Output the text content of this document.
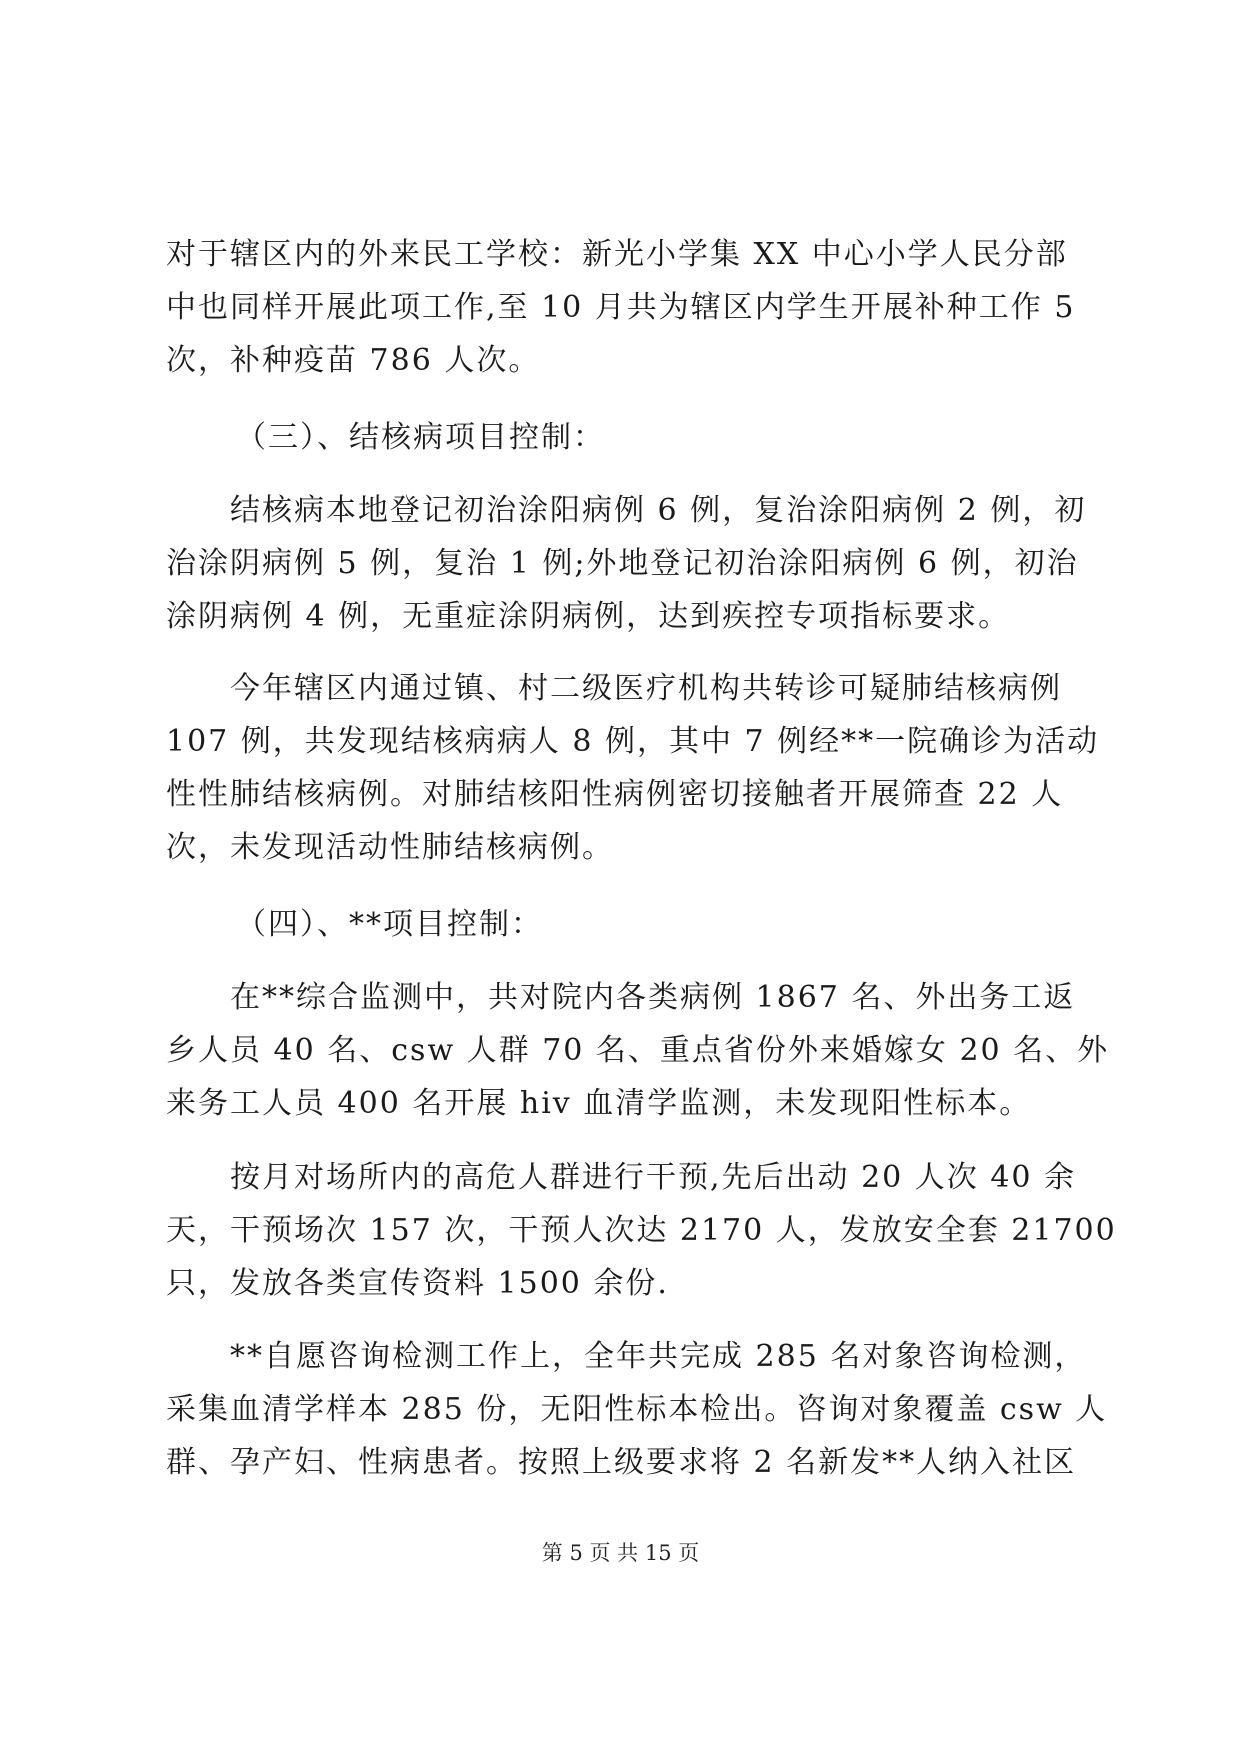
对于辖区内的外来民工学校：新光小学集 XX 中心小学人民分部
中也同样开展此项工作,至 10 月共为辖区内学生开展补种工作 5
次，补种疫苗 786 人次。
（三）、结核病项目控制：
结核病本地登记初治涂阳病例 6 例，复治涂阳病例 2 例，初
治涂阴病例 5 例，复治 1 例;外地登记初治涂阳病例 6 例，初治
涂阴病例 4 例，无重症涂阴病例，达到疾控专项指标要求。
今年辖区内通过镇、村二级医疗机构共转诊可疑肺结核病例
107 例，共发现结核病病人 8 例，其中 7 例经**一院确诊为活动
性性肺结核病例。对肺结核阳性病例密切接触者开展筛查 22 人
次，未发现活动性肺结核病例。
（四）、**项目控制：
在**综合监测中，共对院内各类病例 1867 名、外出务工返
乡人员 40 名、csw 人群 70 名、重点省份外来婚嫁女 20 名、外
来务工人员 400 名开展 hiv 血清学监测，未发现阳性标本。
按月对场所内的高危人群进行干预,先后出动 20 人次 40 余
天，干预场次 157 次，干预人次达 2170 人，发放安全套 21700
只，发放各类宣传资料 1500 余份.
**自愿咨询检测工作上，全年共完成 285 名对象咨询检测，
采集血清学样本 285 份，无阳性标本检出。咨询对象覆盖 csw 人
群、孕产妇、性病患者。按照上级要求将 2 名新发**人纳入社区
第 5 页 共 15 页
